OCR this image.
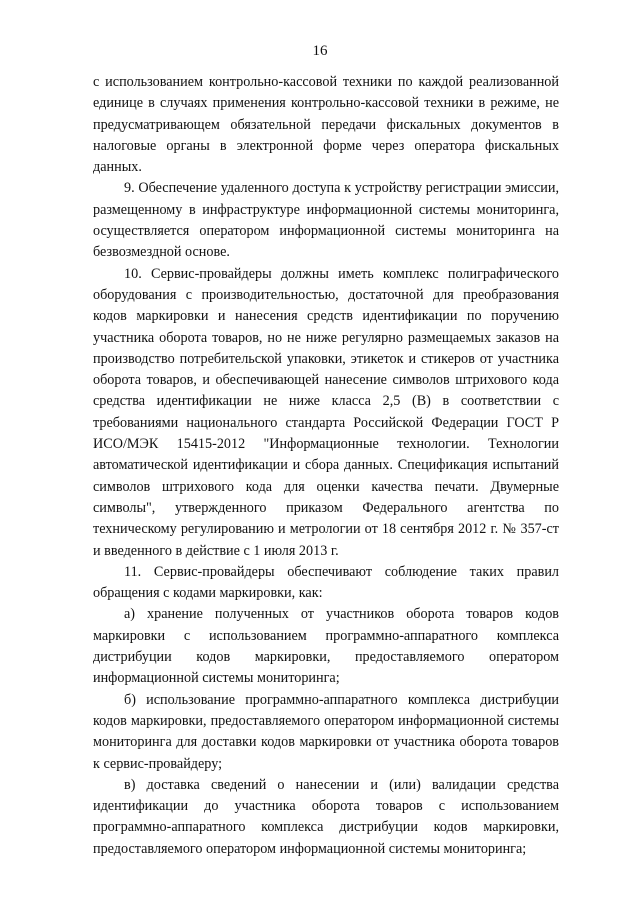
16

с использованием контрольно-кассовой техники по каждой реализованной единице в случаях применения контрольно-кассовой техники в режиме, не предусматривающем обязательной передачи фискальных документов в налоговые органы в электронной форме через оператора фискальных данных.

9. Обеспечение удаленного доступа к устройству регистрации эмиссии, размещенному в инфраструктуре информационной системы мониторинга, осуществляется оператором информационной системы мониторинга на безвозмездной основе.

10. Сервис-провайдеры должны иметь комплекс полиграфического оборудования с производительностью, достаточной для преобразования кодов маркировки и нанесения средств идентификации по поручению участника оборота товаров, но не ниже регулярно размещаемых заказов на производство потребительской упаковки, этикеток и стикеров от участника оборота товаров, и обеспечивающей нанесение символов штрихового кода средства идентификации не ниже класса 2,5 (B) в соответствии с требованиями национального стандарта Российской Федерации ГОСТ Р ИСО/МЭК 15415-2012 "Информационные технологии. Технологии автоматической идентификации и сбора данных. Спецификация испытаний символов штрихового кода для оценки качества печати. Двумерные символы", утвержденного приказом Федерального агентства по техническому регулированию и метрологии от 18 сентября 2012 г. № 357-ст и введенного в действие с 1 июля 2013 г.

11. Сервис-провайдеры обеспечивают соблюдение таких правил обращения с кодами маркировки, как:

а) хранение полученных от участников оборота товаров кодов маркировки с использованием программно-аппаратного комплекса дистрибуции кодов маркировки, предоставляемого оператором информационной системы мониторинга;

б) использование программно-аппаратного комплекса дистрибуции кодов маркировки, предоставляемого оператором информационной системы мониторинга для доставки кодов маркировки от участника оборота товаров к сервис-провайдеру;

в) доставка сведений о нанесении и (или) валидации средства идентификации до участника оборота товаров с использованием программно-аппаратного комплекса дистрибуции кодов маркировки, предоставляемого оператором информационной системы мониторинга;
